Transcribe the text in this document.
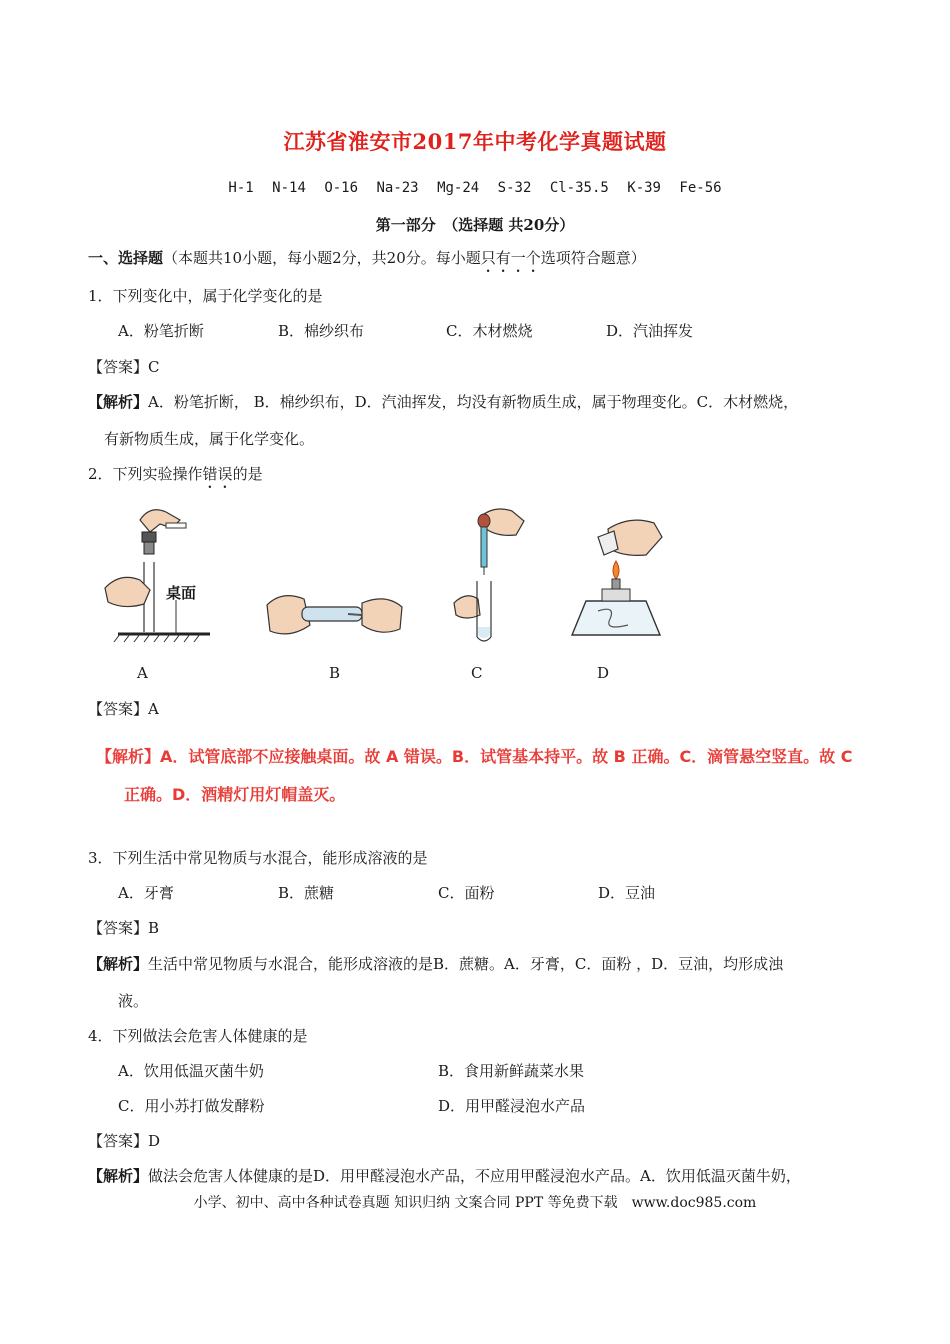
江苏省淮安市2017年中考化学真题试题
H-1 N-14 O-16 Na-23 Mg-24 S-32 Cl-35.5 K-39 Fe-56
第一部分　（选择题 共20分）
一、选择题（本题共10小题，每小题2分，共20分。每小题只有一个选项符合题意）
1．下列变化中，属于化学变化的是
A．粉笔折断	B．棉纱织布	C．木材燃烧	D．汽油挥发
【答案】C
【解析】A．粉笔折断， B．棉纱织布，D．汽油挥发，均没有新物质生成，属于物理变化。C．木材燃烧，
有新物质生成，属于化学变化。
2．下列实验操作错误的是
桌面
A	B	C	D
【答案】A
【解析】A．试管底部不应接触桌面。故 A 错误。B．试管基本持平。故 B 正确。C．滴管悬空竖直。故 C
正确。D．酒精灯用灯帽盖灭。
3．下列生活中常见物质与水混合，能形成溶液的是
A．牙膏	B．蔗糖	C．面粉	D．豆油
【答案】B
【解析】生活中常见物质与水混合，能形成溶液的是B．蔗糖。A．牙膏，C．面粉 ，D．豆油，均形成浊
液。
4．下列做法会危害人体健康的是
A．饮用低温灭菌牛奶	B．食用新鲜蔬菜水果
C．用小苏打做发酵粉	D．用甲醛浸泡水产品
【答案】D
【解析】做法会危害人体健康的是D．用甲醛浸泡水产品，不应用甲醛浸泡水产品。A．饮用低温灭菌牛奶，
小学、初中、高中各种试卷真题 知识归纳 文案合同 PPT 等免费下载　www.doc985.com
